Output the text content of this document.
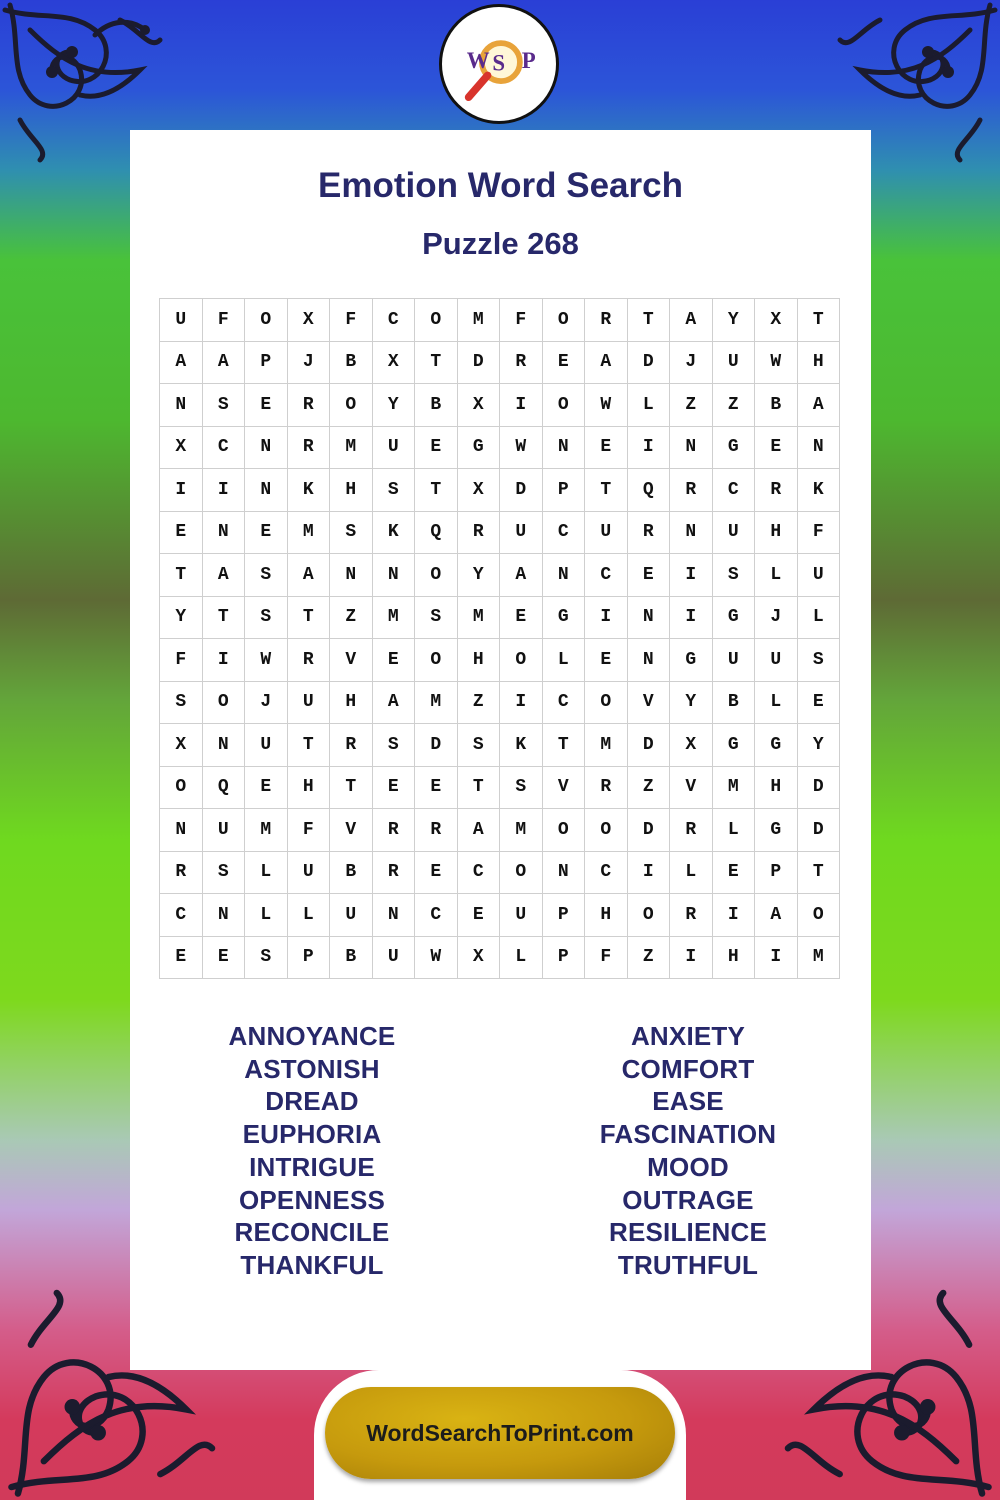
W S P
Emotion Word Search
Puzzle 268
U	F	O	X	F	C	O	M	F	O	R	T	A	Y	X	T
A	A	P	J	B	X	T	D	R	E	A	D	J	U	W	H
N	S	E	R	O	Y	B	X	I	O	W	L	Z	Z	B	A
X	C	N	R	M	U	E	G	W	N	E	I	N	G	E	N
I	I	N	K	H	S	T	X	D	P	T	Q	R	C	R	K
E	N	E	M	S	K	Q	R	U	C	U	R	N	U	H	F
T	A	S	A	N	N	O	Y	A	N	C	E	I	S	L	U
Y	T	S	T	Z	M	S	M	E	G	I	N	I	G	J	L
F	I	W	R	V	E	O	H	O	L	E	N	G	U	U	S
S	O	J	U	H	A	M	Z	I	C	O	V	Y	B	L	E
X	N	U	T	R	S	D	S	K	T	M	D	X	G	G	Y
O	Q	E	H	T	E	E	T	S	V	R	Z	V	M	H	D
N	U	M	F	V	R	R	A	M	O	O	D	R	L	G	D
R	S	L	U	B	R	E	C	O	N	C	I	L	E	P	T
C	N	L	L	U	N	C	E	U	P	H	O	R	I	A	O
E	E	S	P	B	U	W	X	L	P	F	Z	I	H	I	M
ANNOYANCE
ASTONISH
DREAD
EUPHORIA
INTRIGUE
OPENNESS
RECONCILE
THANKFUL
ANXIETY
COMFORT
EASE
FASCINATION
MOOD
OUTRAGE
RESILIENCE
TRUTHFUL
WordSearchToPrint.com
